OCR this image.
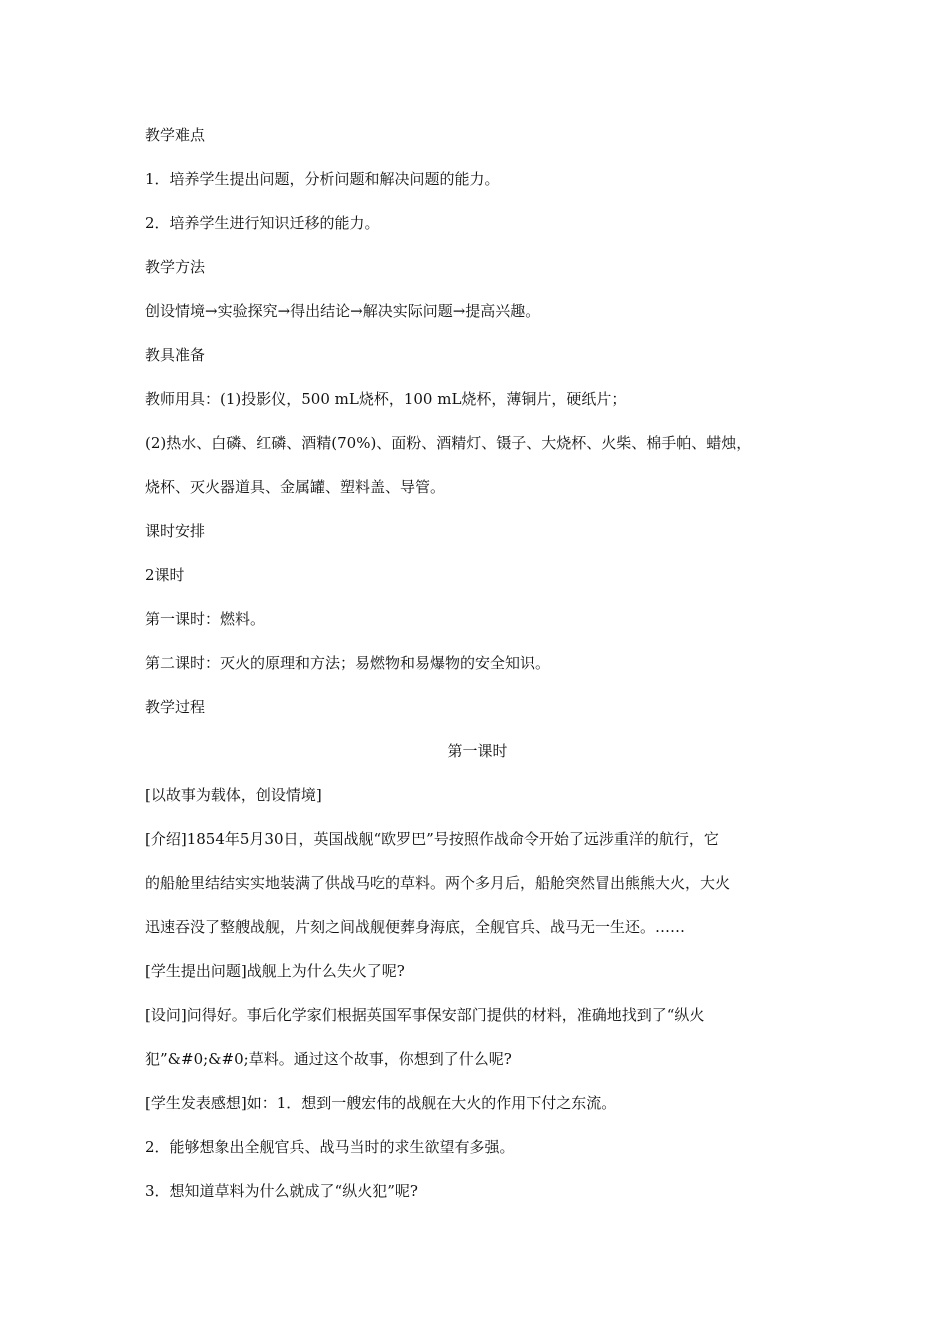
教学难点

1．培养学生提出问题，分析问题和解决问题的能力。

2．培养学生进行知识迁移的能力。

教学方法

创设情境→实验探究→得出结论→解决实际问题→提高兴趣。

教具准备

教师用具：(1)投影仪，500 mL烧杯，100 mL烧杯，薄铜片，硬纸片；

(2)热水、白磷、红磷、酒精(70%)、面粉、酒精灯、镊子、大烧杯、火柴、棉手帕、蜡烛，

烧杯、灭火器道具、金属罐、塑料盖、导管。

课时安排

2课时

第一课时：燃料。

第二课时：灭火的原理和方法；易燃物和易爆物的安全知识。

教学过程

第一课时

[以故事为载体，创设情境]

[介绍]1854年5月30日，英国战舰“欧罗巴”号按照作战命令开始了远涉重洋的航行，它

的船舱里结结实实地装满了供战马吃的草料。两个多月后，船舱突然冒出熊熊大火，大火

迅速吞没了整艘战舰，片刻之间战舰便葬身海底，全舰官兵、战马无一生还。……

[学生提出问题]战舰上为什么失火了呢?

[设问]问得好。事后化学家们根据英国军事保安部门提供的材料，准确地找到了“纵火

犯”&#0;&#0;草料。通过这个故事，你想到了什么呢?

[学生发表感想]如：1．想到一艘宏伟的战舰在大火的作用下付之东流。

2．能够想象出全舰官兵、战马当时的求生欲望有多强。

3．想知道草料为什么就成了“纵火犯”呢?
